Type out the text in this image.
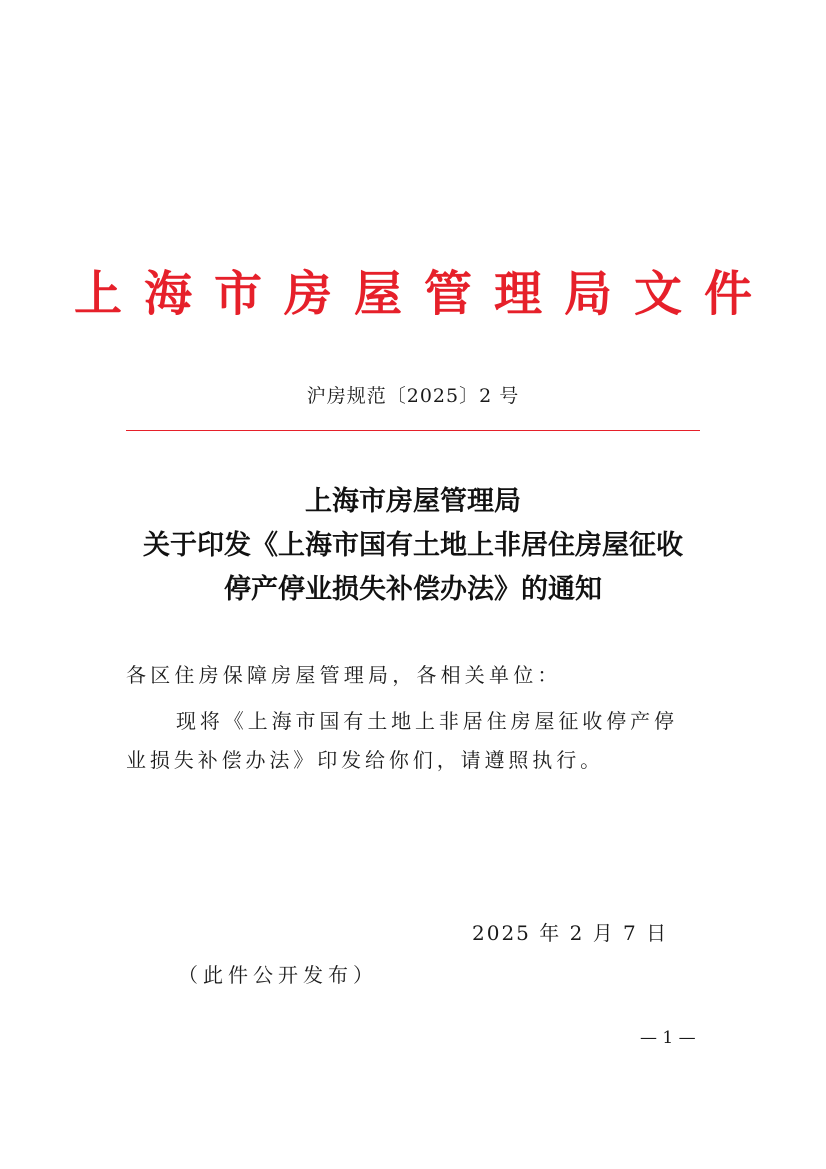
上海市房屋管理局文件
沪房规范〔2025〕2 号
上海市房屋管理局
关于印发《上海市国有土地上非居住房屋征收
停产停业损失补偿办法》的通知
各区住房保障房屋管理局，各相关单位：
现将《上海市国有土地上非居住房屋征收停产停
业损失补偿办法》印发给你们，请遵照执行。
2025 年 2 月 7 日
（此件公开发布）
— 1 —
